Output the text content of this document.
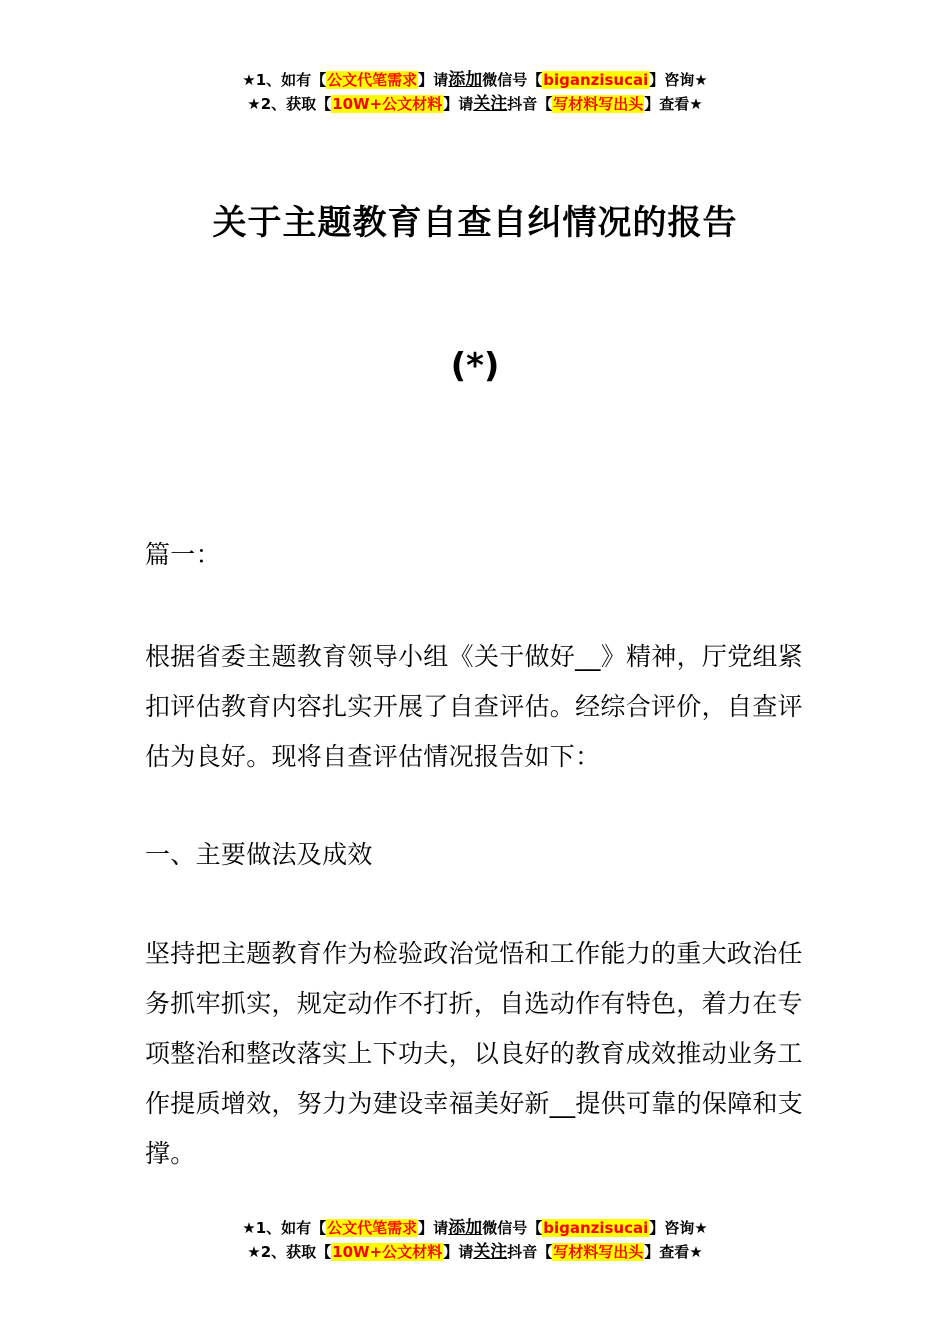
★1、如有【公文代笔需求】请添加微信号【biganzisucai】咨询★
★2、获取【10W+公文材料】请关注抖音【写材料写出头】查看★
关于主题教育自查自纠情况的报告
(*)
篇一：
根据省委主题教育领导小组《关于做好__》精神，厅党组紧扣评估教育内容扎实开展了自查评估。经综合评价，自查评估为良好。现将自查评估情况报告如下：
一、主要做法及成效
坚持把主题教育作为检验政治觉悟和工作能力的重大政治任务抓牢抓实，规定动作不打折，自选动作有特色，着力在专项整治和整改落实上下功夫，以良好的教育成效推动业务工作提质增效，努力为建设幸福美好新__提供可靠的保障和支撑。
★1、如有【公文代笔需求】请添加微信号【biganzisucai】咨询★
★2、获取【10W+公文材料】请关注抖音【写材料写出头】查看★
